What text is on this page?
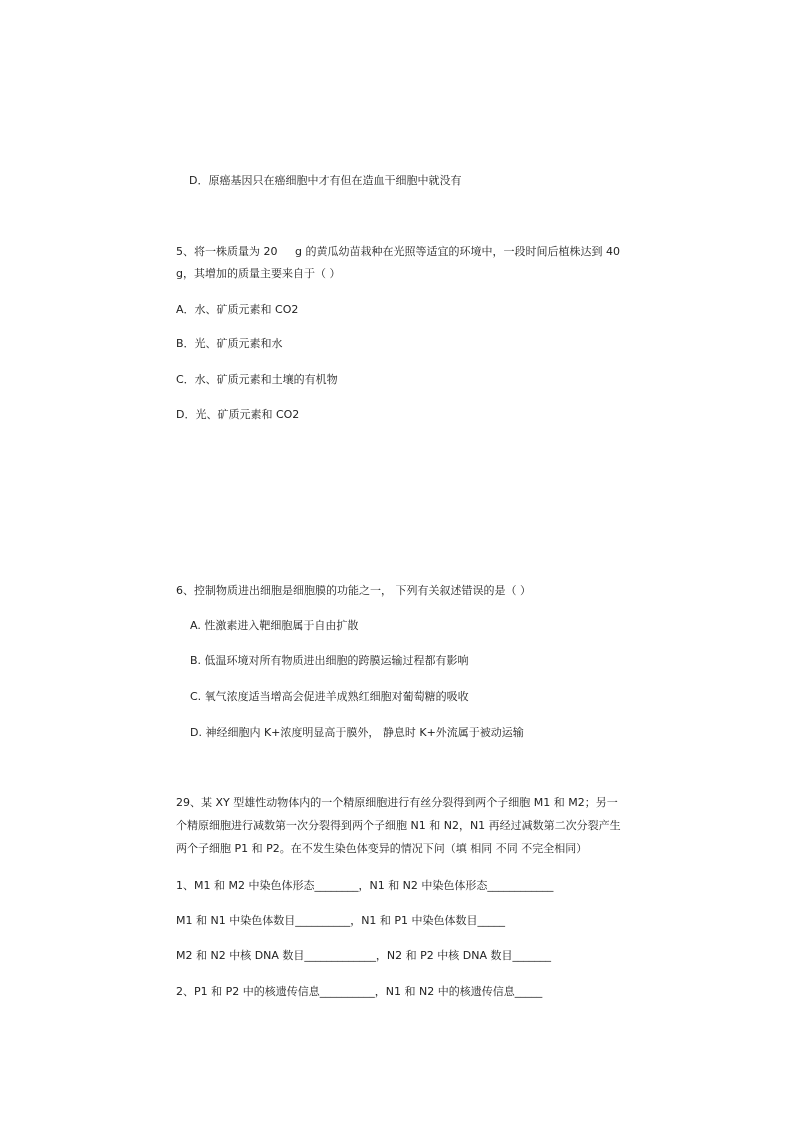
D．原癌基因只在癌细胞中才有但在造血干细胞中就没有
5、将一株质量为 20 g 的黄瓜幼苗栽种在光照等适宜的环境中，一段时间后植株达到 40
g，其增加的质量主要来自于（ ）
A．水、矿质元素和 CO2
B．光、矿质元素和水
C．水、矿质元素和土壤的有机物
D．光、矿质元素和 CO2
6、控制物质进出细胞是细胞膜的功能之一， 下列有关叙述错误的是（ ）
A. 性激素进入靶细胞属于自由扩散
B. 低温环境对所有物质进出细胞的跨膜运输过程都有影响
C. 氧气浓度适当增高会促进羊成熟红细胞对葡萄糖的吸收
D. 神经细胞内 K+浓度明显高于膜外， 静息时 K+外流属于被动运输
29、某 XY 型雄性动物体内的一个精原细胞进行有丝分裂得到两个子细胞 M1 和 M2；另一
个精原细胞进行减数第一次分裂得到两个子细胞 N1 和 N2，N1 再经过减数第二次分裂产生
两个子细胞 P1 和 P2。在不发生染色体变异的情况下问（填 相同 不同 不完全相同）
1、M1 和 M2 中染色体形态________，N1 和 N2 中染色体形态____________
M1 和 N1 中染色体数目__________，N1 和 P1 中染色体数目_____
M2 和 N2 中核 DNA 数目_____________，N2 和 P2 中核 DNA 数目_______
2、P1 和 P2 中的核遗传信息__________，N1 和 N2 中的核遗传信息_____
